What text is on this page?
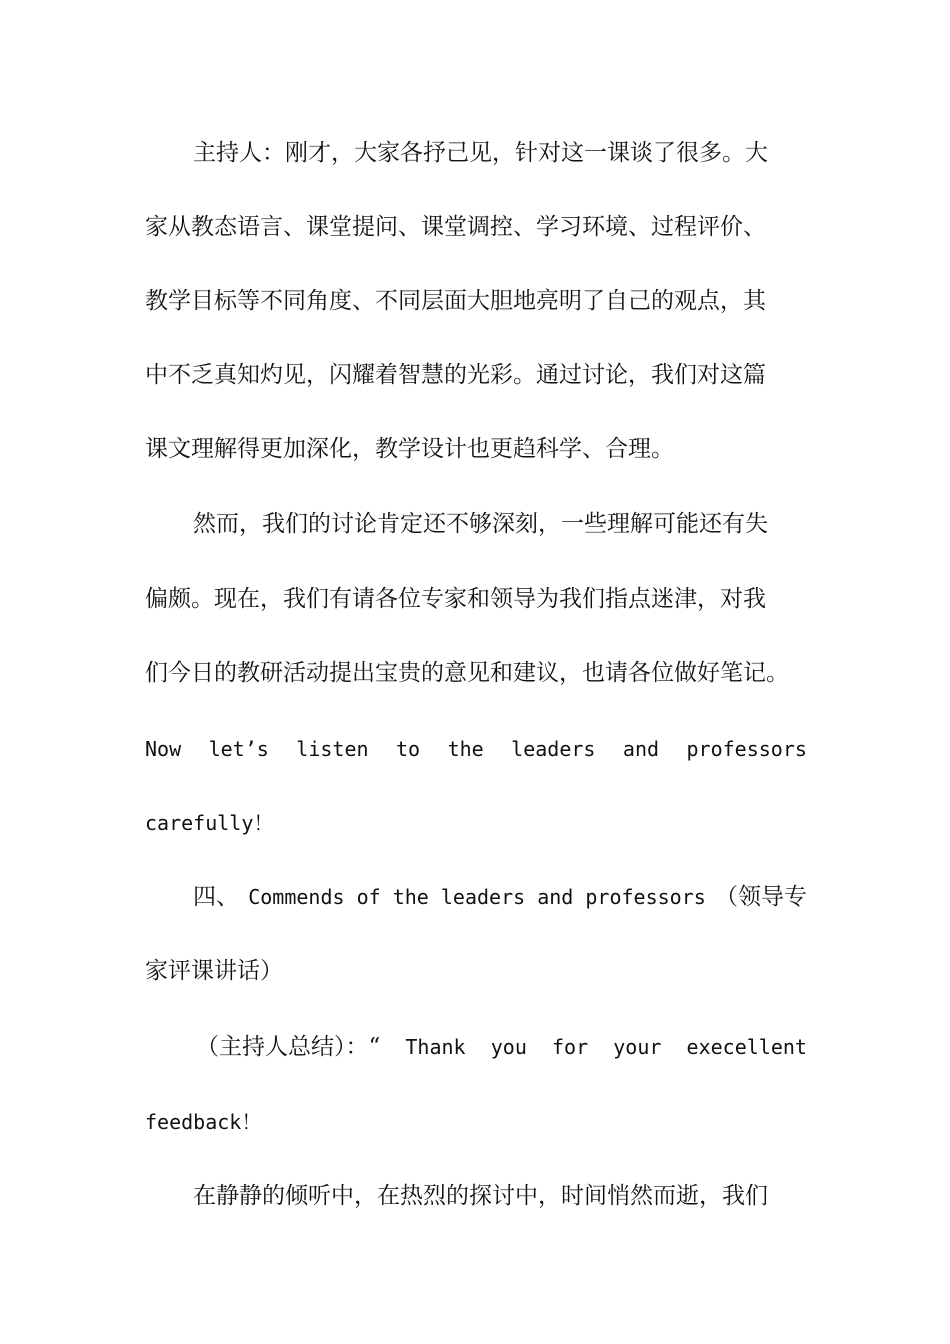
主持人：刚才，大家各抒己见，针对这一课谈了很多。大
家从教态语言、课堂提问、课堂调控、学习环境、过程评价、
教学目标等不同角度、不同层面大胆地亮明了自己的观点，其
中不乏真知灼见，闪耀着智慧的光彩。通过讨论，我们对这篇
课文理解得更加深化，教学设计也更趋科学、合理。
然而，我们的讨论肯定还不够深刻，一些理解可能还有失
偏颇。现在，我们有请各位专家和领导为我们指点迷津，对我
们今日的教研活动提出宝贵的意见和建议，也请各位做好笔记。
Now let’s listen to the leaders and professors
carefully！
四、 Commends of the leaders and professors （领导专
家评课讲话）
（主持人总结）：“ Thank you for your execellent
feedback！
在静静的倾听中，在热烈的探讨中，时间悄然而逝，我们
